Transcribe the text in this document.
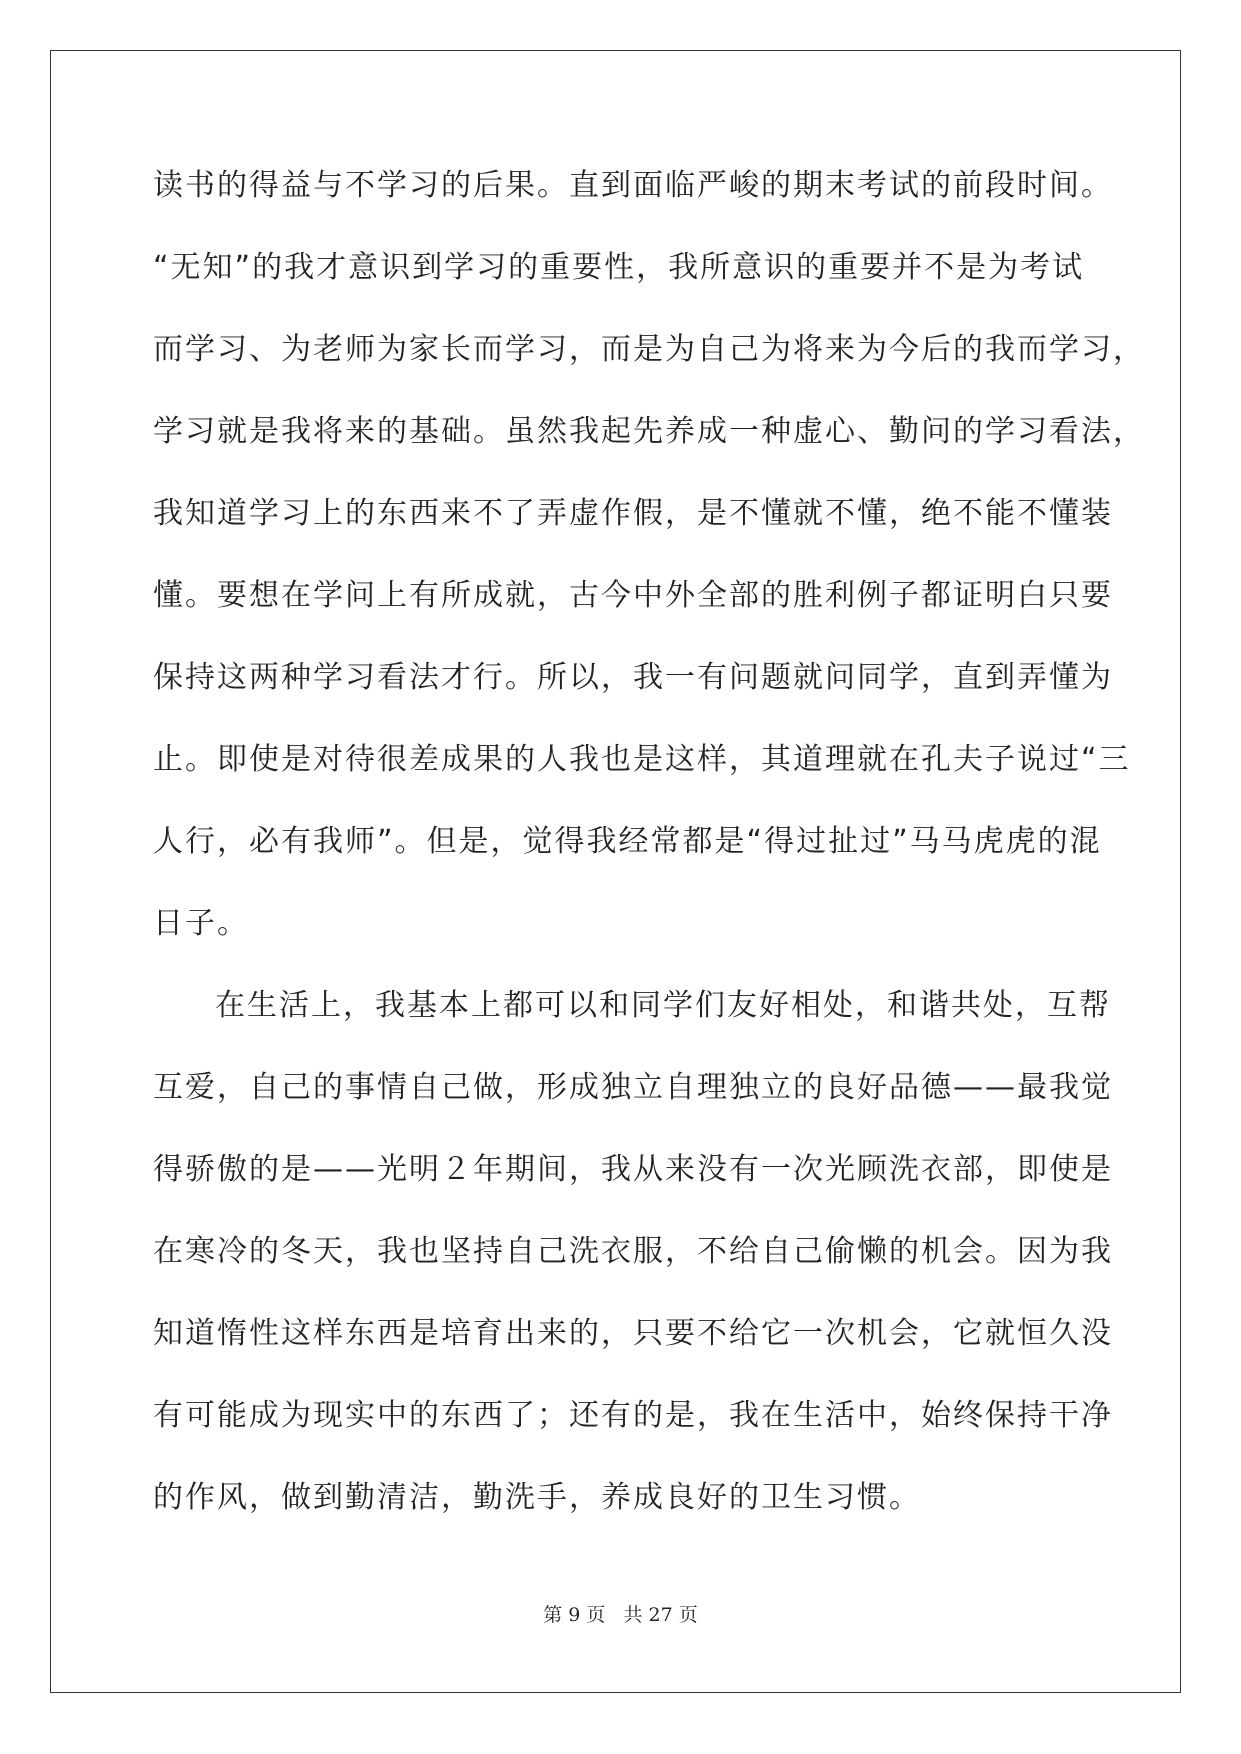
读书的得益与不学习的后果。直到面临严峻的期末考试的前段时间。
“无知”的我才意识到学习的重要性，我所意识的重要并不是为考试
而学习、为老师为家长而学习，而是为自己为将来为今后的我而学习，
学习就是我将来的基础。虽然我起先养成一种虚心、勤问的学习看法，
我知道学习上的东西来不了弄虚作假，是不懂就不懂，绝不能不懂装
懂。要想在学问上有所成就，古今中外全部的胜利例子都证明白只要
保持这两种学习看法才行。所以，我一有问题就问同学，直到弄懂为
止。即使是对待很差成果的人我也是这样，其道理就在孔夫子说过“三
人行，必有我师”。但是，觉得我经常都是“得过扯过”马马虎虎的混
日子。
在生活上，我基本上都可以和同学们友好相处，和谐共处，互帮
互爱，自己的事情自己做，形成独立自理独立的良好品德——最我觉
得骄傲的是——光明２年期间，我从来没有一次光顾洗衣部，即使是
在寒冷的冬天，我也坚持自己洗衣服，不给自己偷懒的机会。因为我
知道惰性这样东西是培育出来的，只要不给它一次机会，它就恒久没
有可能成为现实中的东西了；还有的是，我在生活中，始终保持干净
的作风，做到勤清洁，勤洗手，养成良好的卫生习惯。
第 9 页 共 27 页
